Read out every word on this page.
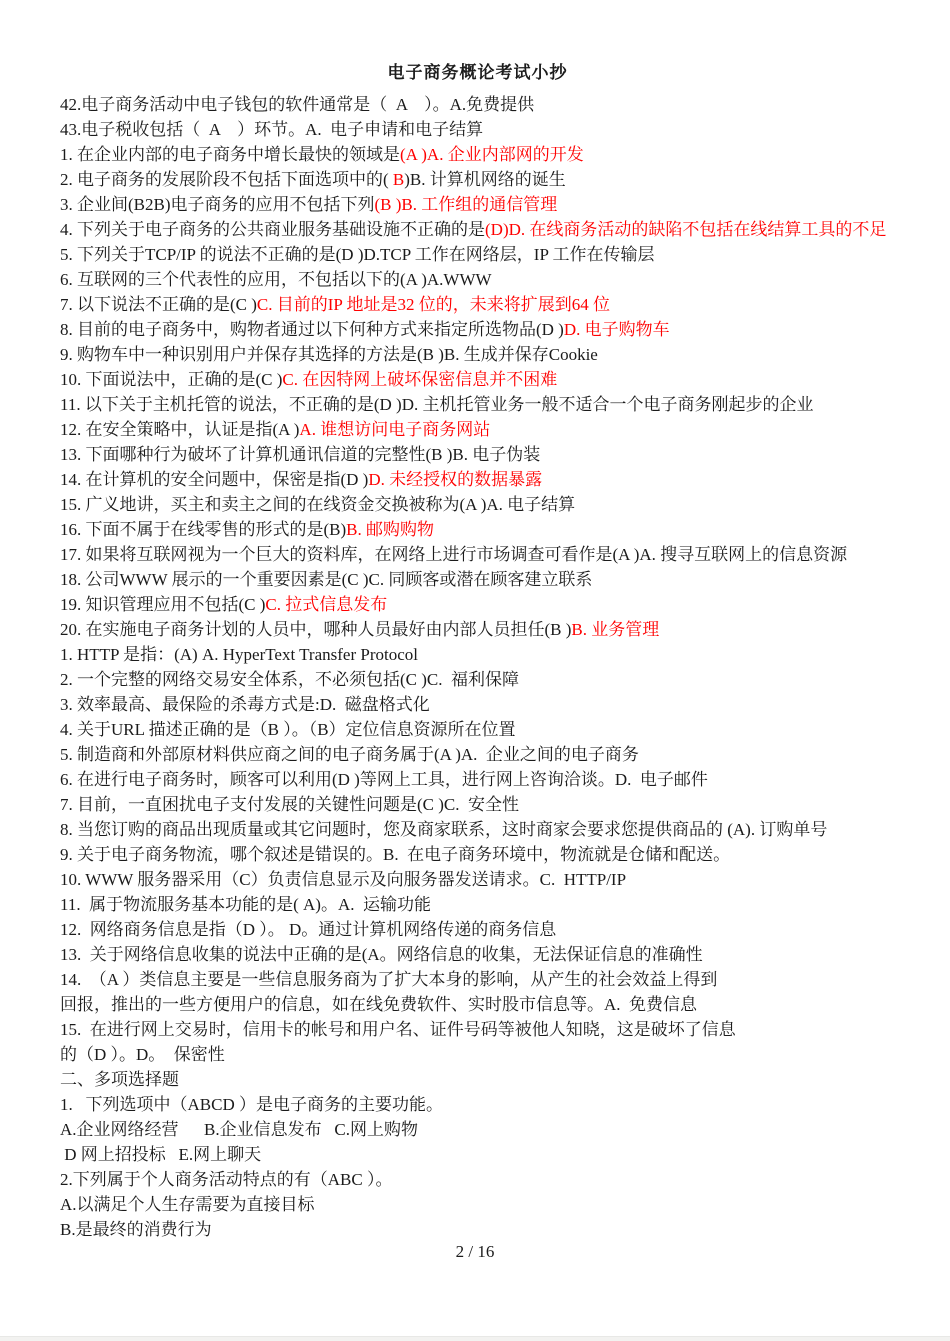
电子商务概论考试小抄
42.电子商务活动中电子钱包的软件通常是（  A    ）。A.免费提供
43.电子税收包括（  A    ）环节。A.  电子申请和电子结算
1. 在企业内部的电子商务中增长最快的领域是(A )A. 企业内部网的开发
2. 电子商务的发展阶段不包括下面选项中的( B)B. 计算机网络的诞生
3. 企业间(B2B)电子商务的应用不包括下列(B )B. 工作组的通信管理
4. 下列关于电子商务的公共商业服务基础设施不正确的是(D)D. 在线商务活动的缺陷不包括在线结算工具的不足
5. 下列关于TCP/IP 的说法不正确的是(D )D.TCP 工作在网络层，IP 工作在传输层
6. 互联网的三个代表性的应用，不包括以下的(A )A.WWW
7. 以下说法不正确的是(C )C. 目前的IP 地址是32 位的，未来将扩展到64 位
8. 目前的电子商务中，购物者通过以下何种方式来指定所选物品(D )D. 电子购物车
9. 购物车中一种识别用户并保存其选择的方法是(B )B. 生成并保存Cookie
10. 下面说法中，正确的是(C )C. 在因特网上破坏保密信息并不困难
11. 以下关于主机托管的说法，不正确的是(D )D. 主机托管业务一般不适合一个电子商务刚起步的企业
12. 在安全策略中，认证是指(A )A. 谁想访问电子商务网站
13. 下面哪种行为破坏了计算机通讯信道的完整性(B )B. 电子伪装
14. 在计算机的安全问题中，保密是指(D )D. 未经授权的数据暴露
15. 广义地讲，买主和卖主之间的在线资金交换被称为(A )A. 电子结算
16. 下面不属于在线零售的形式的是(B)B. 邮购购物
17. 如果将互联网视为一个巨大的资料库，在网络上进行市场调查可看作是(A )A. 搜寻互联网上的信息资源
18. 公司WWW 展示的一个重要因素是(C )C. 同顾客或潜在顾客建立联系
19. 知识管理应用不包括(C )C. 拉式信息发布
20. 在实施电子商务计划的人员中，哪种人员最好由内部人员担任(B )B. 业务管理
1. HTTP 是指：(A) A. HyperText Transfer Protocol
2. 一个完整的网络交易安全体系，不必须包括(C )C.  福利保障
3. 效率最高、最保险的杀毒方式是:D.  磁盘格式化
4. 关于URL 描述正确的是（B ）。（B）定位信息资源所在位置
5. 制造商和外部原材料供应商之间的电子商务属于(A )A.  企业之间的电子商务
6. 在进行电子商务时，顾客可以利用(D )等网上工具，进行网上咨询洽谈。D.  电子邮件
7. 目前，一直困扰电子支付发展的关键性问题是(C )C.  安全性
8. 当您订购的商品出现质量或其它问题时，您及商家联系，这时商家会要求您提供商品的 (A). 订购单号
9. 关于电子商务物流，哪个叙述是错误的。B.  在电子商务环境中，物流就是仓储和配送。
10. WWW 服务器采用（C）负责信息显示及向服务器发送请求。C.  HTTP/IP
11.  属于物流服务基本功能的是( A)。A.  运输功能
12.  网络商务信息是指（D ）。 D。通过计算机网络传递的商务信息
13.  关于网络信息收集的说法中正确的是(A。网络信息的收集，无法保证信息的准确性
14.  （A ）类信息主要是一些信息服务商为了扩大本身的影响，从产生的社会效益上得到
回报，推出的一些方便用户的信息，如在线免费软件、实时股市信息等。A.  免费信息
15.  在进行网上交易时，信用卡的帐号和用户名、证件号码等被他人知晓，这是破坏了信息
的（D ）。D。  保密性
二、多项选择题
1.   下列选项中（ABCD ）是电子商务的主要功能。
A.企业网络经营      B.企业信息发布   C.网上购物
D 网上招投标   E.网上聊天
2.下列属于个人商务活动特点的有（ABC ）。
A.以满足个人生存需要为直接目标
B.是最终的消费行为
2 / 16
